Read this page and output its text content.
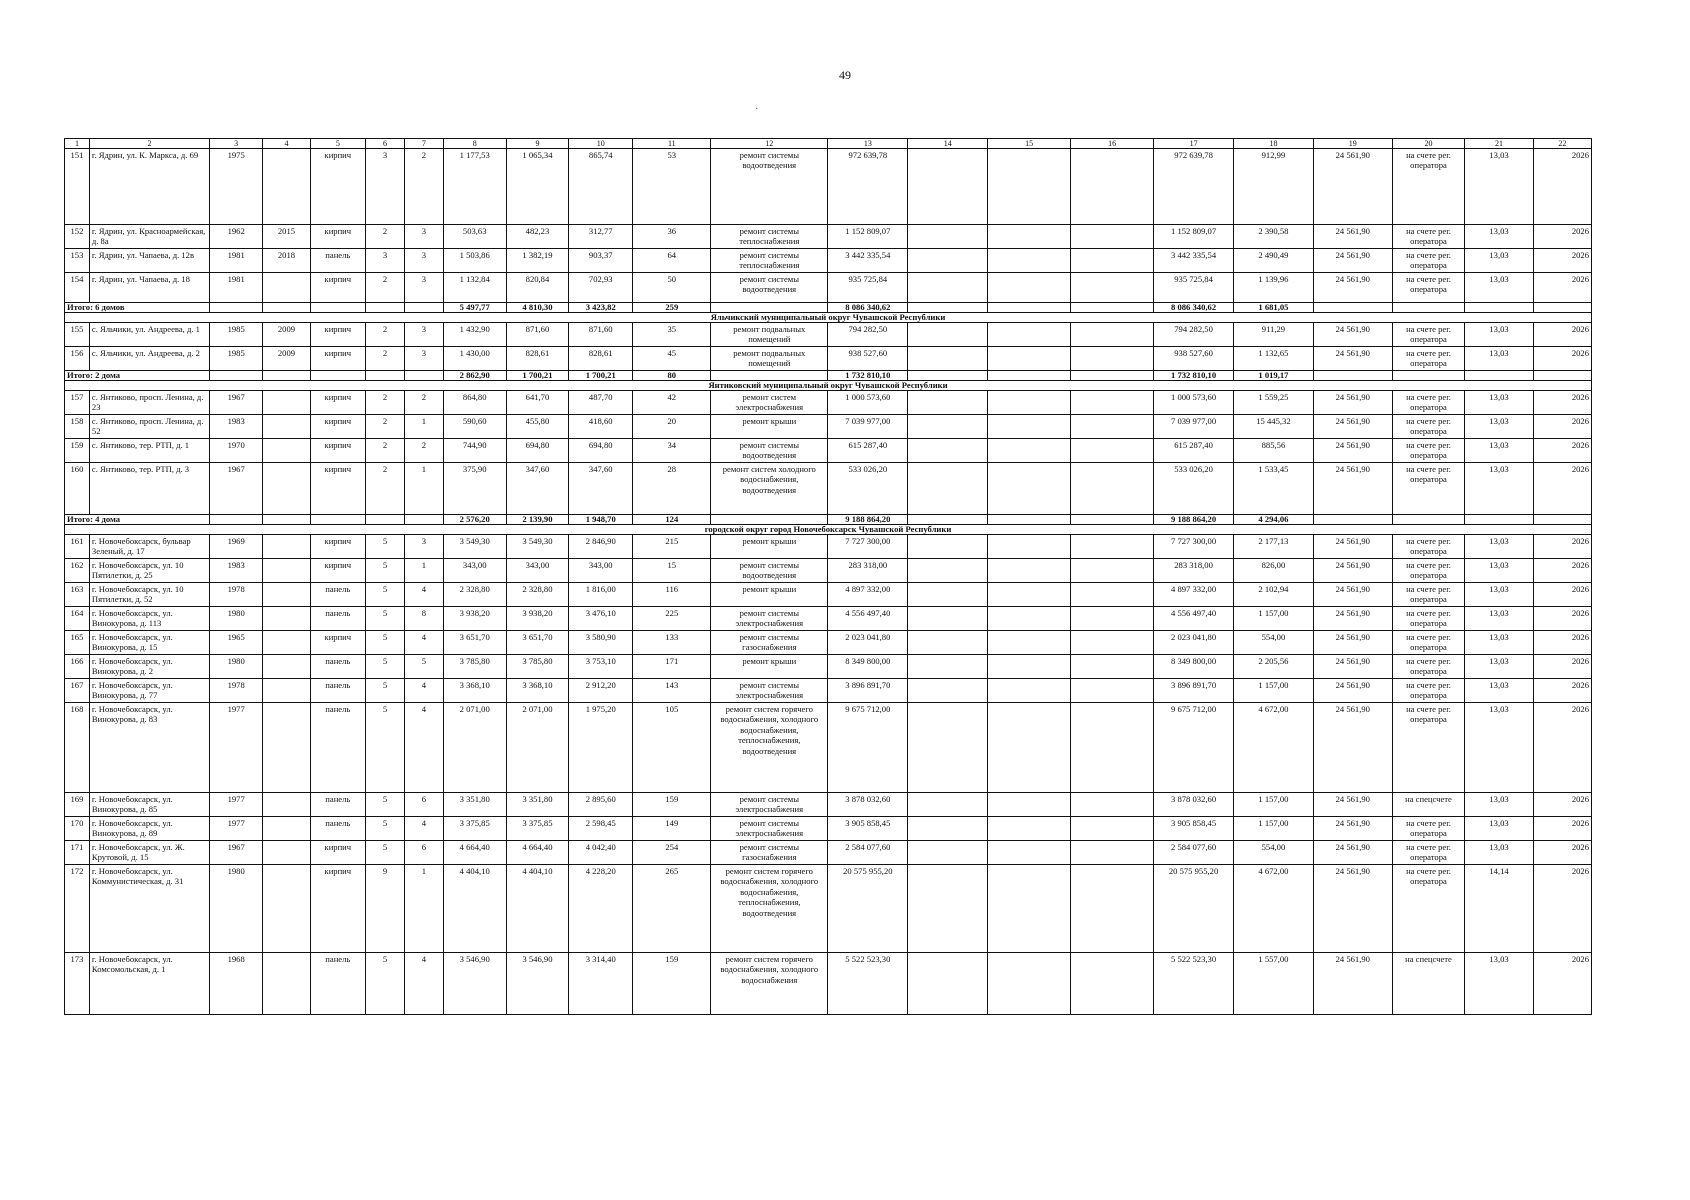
49
·
1	2	3	4	5	6	7	8	9	10	11	12	13	14	15	16	17	18	19	20	21	22
151	г. Ядрин, ул. К. Маркса, д. 69	1975		кирпич	3	2	1 177,53	1 065,34	865,74	53	ремонт системы водоотведения	972 639,78				972 639,78	912,99	24 561,90	на счете рег. оператора	13,03	2026
152	г. Ядрин, ул. Красноармейская, д. 8а	1962	2015	кирпич	2	3	503,63	482,23	312,77	36	ремонт системы теплоснабжения	1 152 809,07				1 152 809,07	2 390,58	24 561,90	на счете рег. оператора	13,03	2026
153	г. Ядрин, ул. Чапаева, д. 12в	1981	2018	панель	3	3	1 503,86	1 382,19	903,37	64	ремонт системы теплоснабжения	3 442 335,54				3 442 335,54	2 490,49	24 561,90	на счете рег. оператора	13,03	2026
154	г. Ядрин, ул. Чапаева, д. 18	1981		кирпич	2	3	1 132,84	820,84	702,93	50	ремонт системы водоотведения	935 725,84				935 725,84	1 139,96	24 561,90	на счете рег. оператора	13,03	2026
Итого: 6 домов							5 497,77	4 810,30	3 423,82	259		8 086 340,62				8 086 340,62	1 681,05				
Яльчикский муниципальный округ Чувашской Республики																					
155	с. Яльчики, ул. Андреева, д. 1	1985	2009	кирпич	2	3	1 432,90	871,60	871,60	35	ремонт подвальных помещений	794 282,50				794 282,50	911,29	24 561,90	на счете рег. оператора	13,03	2026
156	с. Яльчики, ул. Андреева, д. 2	1985	2009	кирпич	2	3	1 430,00	828,61	828,61	45	ремонт подвальных помещений	938 527,60				938 527,60	1 132,65	24 561,90	на счете рег. оператора	13,03	2026
Итого: 2 дома							2 862,90	1 700,21	1 700,21	80		1 732 810,10				1 732 810,10	1 019,17				
Янтиковский муниципальный округ Чувашской Республики																					
157	с. Янтиково, просп. Ленина, д. 23	1967		кирпич	2	2	864,80	641,70	487,70	42	ремонт систем электроснабжения	1 000 573,60				1 000 573,60	1 559,25	24 561,90	на счете рег. оператора	13,03	2026
158	с. Янтиково, просп. Ленина, д. 52	1983		кирпич	2	1	590,60	455,80	418,60	20	ремонт крыши	7 039 977,00				7 039 977,00	15 445,32	24 561,90	на счете рег. оператора	13,03	2026
159	с. Янтиково, тер. РТП, д. 1	1970		кирпич	2	2	744,90	694,80	694,80	34	ремонт системы водоотведения	615 287,40				615 287,40	885,56	24 561,90	на счете рег. оператора	13,03	2026
160	с. Янтиково, тер. РТП, д. 3	1967		кирпич	2	1	375,90	347,60	347,60	28	ремонт систем холодного водоснабжения, водоотведения	533 026,20				533 026,20	1 533,45	24 561,90	на счете рег. оператора	13,03	2026
Итого: 4 дома							2 576,20	2 139,90	1 948,70	124		9 188 864,20				9 188 864,20	4 294,06				
городской округ город Новочебоксарск Чувашской Республики																					
161	г. Новочебоксарск, бульвар Зеленый, д. 17	1969		кирпич	5	3	3 549,30	3 549,30	2 846,90	215	ремонт крыши	7 727 300,00				7 727 300,00	2 177,13	24 561,90	на счете рег. оператора	13,03	2026
162	г. Новочебоксарск, ул. 10 Пятилетки, д. 25	1983		кирпич	5	1	343,00	343,00	343,00	15	ремонт системы водоотведения	283 318,00				283 318,00	826,00	24 561,90	на счете рег. оператора	13,03	2026
163	г. Новочебоксарск, ул. 10 Пятилетки, д. 52	1978		панель	5	4	2 328,80	2 328,80	1 816,00	116	ремонт крыши	4 897 332,00				4 897 332,00	2 102,94	24 561,90	на счете рег. оператора	13,03	2026
164	г. Новочебоксарск, ул. Винокурова, д. 113	1980		панель	5	8	3 938,20	3 938,20	3 476,10	225	ремонт системы электроснабжения	4 556 497,40				4 556 497,40	1 157,00	24 561,90	на счете рег. оператора	13,03	2026
165	г. Новочебоксарск, ул. Винокурова, д. 15	1965		кирпич	5	4	3 651,70	3 651,70	3 580,90	133	ремонт системы газоснабжения	2 023 041,80				2 023 041,80	554,00	24 561,90	на счете рег. оператора	13,03	2026
166	г. Новочебоксарск, ул. Винокурова, д. 2	1980		панель	5	5	3 785,80	3 785,80	3 753,10	171	ремонт крыши	8 349 800,00				8 349 800,00	2 205,56	24 561,90	на счете рег. оператора	13,03	2026
167	г. Новочебоксарск, ул. Винокурова, д. 77	1978		панель	5	4	3 368,10	3 368,10	2 912,20	143	ремонт системы электроснабжения	3 896 891,70				3 896 891,70	1 157,00	24 561,90	на счете рег. оператора	13,03	2026
168	г. Новочебоксарск, ул. Винокурова, д. 83	1977		панель	5	4	2 071,00	2 071,00	1 975,20	105	ремонт систем горячего водоснабжения, холодного водоснабжения, теплоснабжения, водоотведения	9 675 712,00				9 675 712,00	4 672,00	24 561,90	на счете рег. оператора	13,03	2026
169	г. Новочебоксарск, ул. Винокурова, д. 85	1977		панель	5	6	3 351,80	3 351,80	2 895,60	159	ремонт системы электроснабжения	3 878 032,60				3 878 032,60	1 157,00	24 561,90	на спецсчете	13,03	2026
170	г. Новочебоксарск, ул. Винокурова, д. 89	1977		панель	5	4	3 375,85	3 375,85	2 598,45	149	ремонт системы электроснабжения	3 905 858,45				3 905 858,45	1 157,00	24 561,90	на счете рег. оператора	13,03	2026
171	г. Новочебоксарск, ул. Ж. Крутовой, д. 15	1967		кирпич	5	6	4 664,40	4 664,40	4 042,40	254	ремонт системы газоснабжения	2 584 077,60				2 584 077,60	554,00	24 561,90	на счете рег. оператора	13,03	2026
172	г. Новочебоксарск, ул. Коммунистическая, д. 31	1980		кирпич	9	1	4 404,10	4 404,10	4 228,20	265	ремонт систем горячего водоснабжения, холодного водоснабжения, теплоснабжения, водоотведения	20 575 955,20				20 575 955,20	4 672,00	24 561,90	на счете рег. оператора	14,14	2026
173	г. Новочебоксарск, ул. Комсомольская, д. 1	1968		панель	5	4	3 546,90	3 546,90	3 314,40	159	ремонт систем горячего водоснабжения, холодного водоснабжения	5 522 523,30				5 522 523,30	1 557,00	24 561,90	на спецсчете	13,03	2026
